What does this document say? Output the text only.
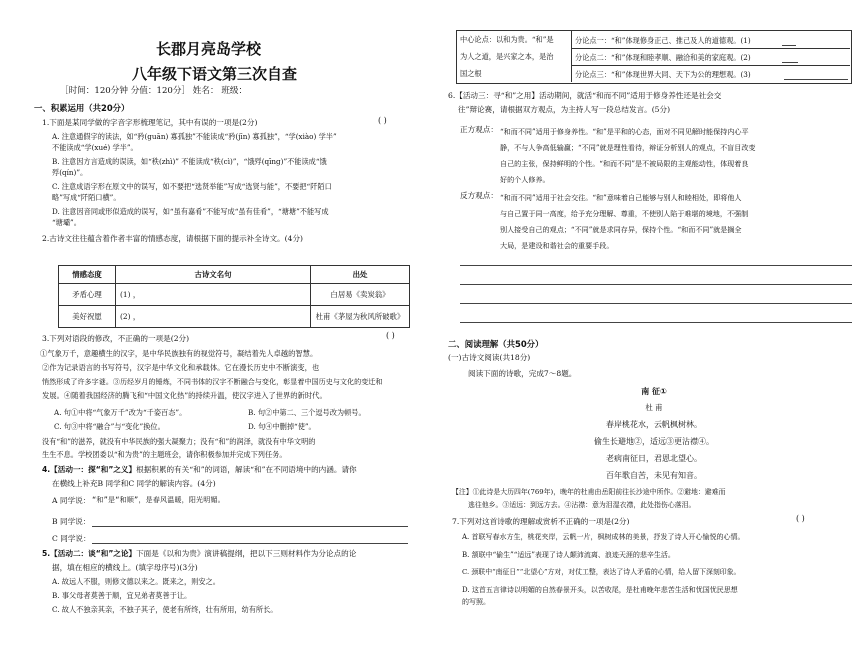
长郡月亮岛学校
八年级下语文第三次自查
［时间：120分钟 分值：120分］ 姓名： 班级：
一、积累运用（共20分）
1.下面是某同学做的字音字形梳理笔记，其中有误的一项是(2分)	( )
A. 注意通假字的读法，如“矜(guān) 寡孤独”不能读成“矜(jīn) 寡孤独”，“学(xiào) 学半”
不能读成“学(xué) 学半”。
B. 注意因方言造成的误读，如“秩(zhì)” 不能读成“秩(cì)”，“饿殍(qīng)”不能读成“饿
殍(qín)”。
C. 注意成语字形在原文中的误写，如不要把“选贤举能”写成“选贤与能”，不要把“阡陌口
略”写成“阡陌口横”。
D. 注意因音同或形似造成的误写，如“虽有嘉肴”不能写成“虽有佳肴”，“塘塘”不能写成
“塘壩”。
2.古诗文往往蕴含着作者丰富的情感态度，请根据下面的提示补全诗文。(4分)
情感态度	古诗文名句	出处
矛盾心理	(1) ，	白居易《卖炭翁》
美好祝愿	(2) ，	杜甫《茅屋为秋风所破歌》
3.下列对语段的修改，不正确的一项是(2分)	( )
①气象万千，意趣横生的汉字，是中华民族独有的视觉符号，凝结着先人卓越的智慧。
②作为记录语言的书写符号，汉字是中华文化和承载体。它在漫长历史中不断演变，也
悄然形成了许多字谜。③历经岁月的锤炼，不同书体的汉字不断融合与变化，彰显着中国历史与文化的变迁和
发展。④随着我国经济的腾飞和“中国文化热”的持续升温，使汉字进入了世界的新时代。
A. 句①中将“气象万千”改为“千姿百态”。	B. 句②中第二、三个逗号改为顿号。
C. 句③中将“融合”与“变化”换位。	D. 句④中删掉“使”。
没有“和”的滋养，就没有中华民族的强大凝聚力；没有“和”的润泽，就没有中华文明的
生生不息。学校团委以“和为贵”的主题班会，请你积极参加并完成下列任务。
4.【活动一：探“和”之义】根据积累的有关“和”的词语，解读“和”在不同语境中的内涵。请你
在横线上补充B 同学和C 同学的解读内容。(4分)
A 同学说： “和”是“和顺”，是春风温暖，阳光明媚。
B 同学说：
C 同学说：
5.【活动二：谈“和”之论】下面是《以和为贵》演讲稿提纲，把以下三则材料作为分论点的论
据，填在相应的横线上。(填字母序号)(3分)
A. 故远人不服，则修文德以来之。既来之，则安之。
B. 事父母者莫善于顺，宜兄弟者莫善于让。
C. 故人不独亲其亲，不独子其子，使老有所终，壮有所用，幼有所长。
中心论点：以和为贵。“和”是
为人之道，是兴家之本，是治
国之根
分论点一：“和”体现修身正己、推己及人的道德观。(1)
分论点二：“和”体现和睦孝顺、融洽和美的家庭观。(2)
分论点三：“和”体现世界大同、天下为公的理想观。(3)
6.【活动三：寻“和”之用】活动期间，就活“和而不同”适用于修身养性还是社会交
往”辩论赛，请根据双方观点，为主持人写一段总结发言。(5分)
正方观点： “和而不同”适用于修身养性。“和”是平和的心态，面对不同见解时能保持内心平
静，不与人争高低输赢；“不同”就是理性看待，辩证分析别人的观点，不盲目改变
自己的主张，保持鲜明的个性。“和而不同”是不被局限的主观能动性，体现着良
好的个人修养。
反方观点： “和而不同”适用于社会交往。“和”意味着自己能够与别人和睦相处，即将他人
与自己置于同一高度，给予充分理解、尊重，不使别人陷于难堪的境地，不强制
别人接受自己的观点；“不同”就是求同存异，保持个性。“和而不同”就是搁全
大局，是建设和谐社会的重要手段。
二、阅读理解（共50分）
(一)古诗文阅读(共18分)
阅读下面的诗歌，完成7～8题。
南 征①
杜 甫
春岸桃花水，云帆枫树林。
偷生长避地②，适远③更沾襟④。
老病南征日，君恩北望心。
百年歌自苦，未见有知音。
【注】①此诗是大历四年(769年)，晚年的杜甫由岳阳前往长沙途中所作。②避地：避难而
逃往他乡。③适远：到远方去。④沾襟：意为泪湿衣襟，此处指伤心落泪。
7.下列对这首诗歌的理解或赏析不正确的一项是(2分)	( )
A. 首联写春水方生，桃花夹岸，云帆一片，枫树成林的美景，抒发了诗人开心愉悦的心情。
B. 颔联中“偷生”“适远”表现了诗人颠沛流离、浪迹天涯的悲辛生活。
C. 颈联中“南征日”“北望心”方对，对仗工整，表达了诗人矛盾的心情，给人留下深刻印象。
D. 这首五言律诗以明媚的自然春景开头，以苦收尾，是杜甫晚年悲苦生活和忧国忧民思想
的写照。
